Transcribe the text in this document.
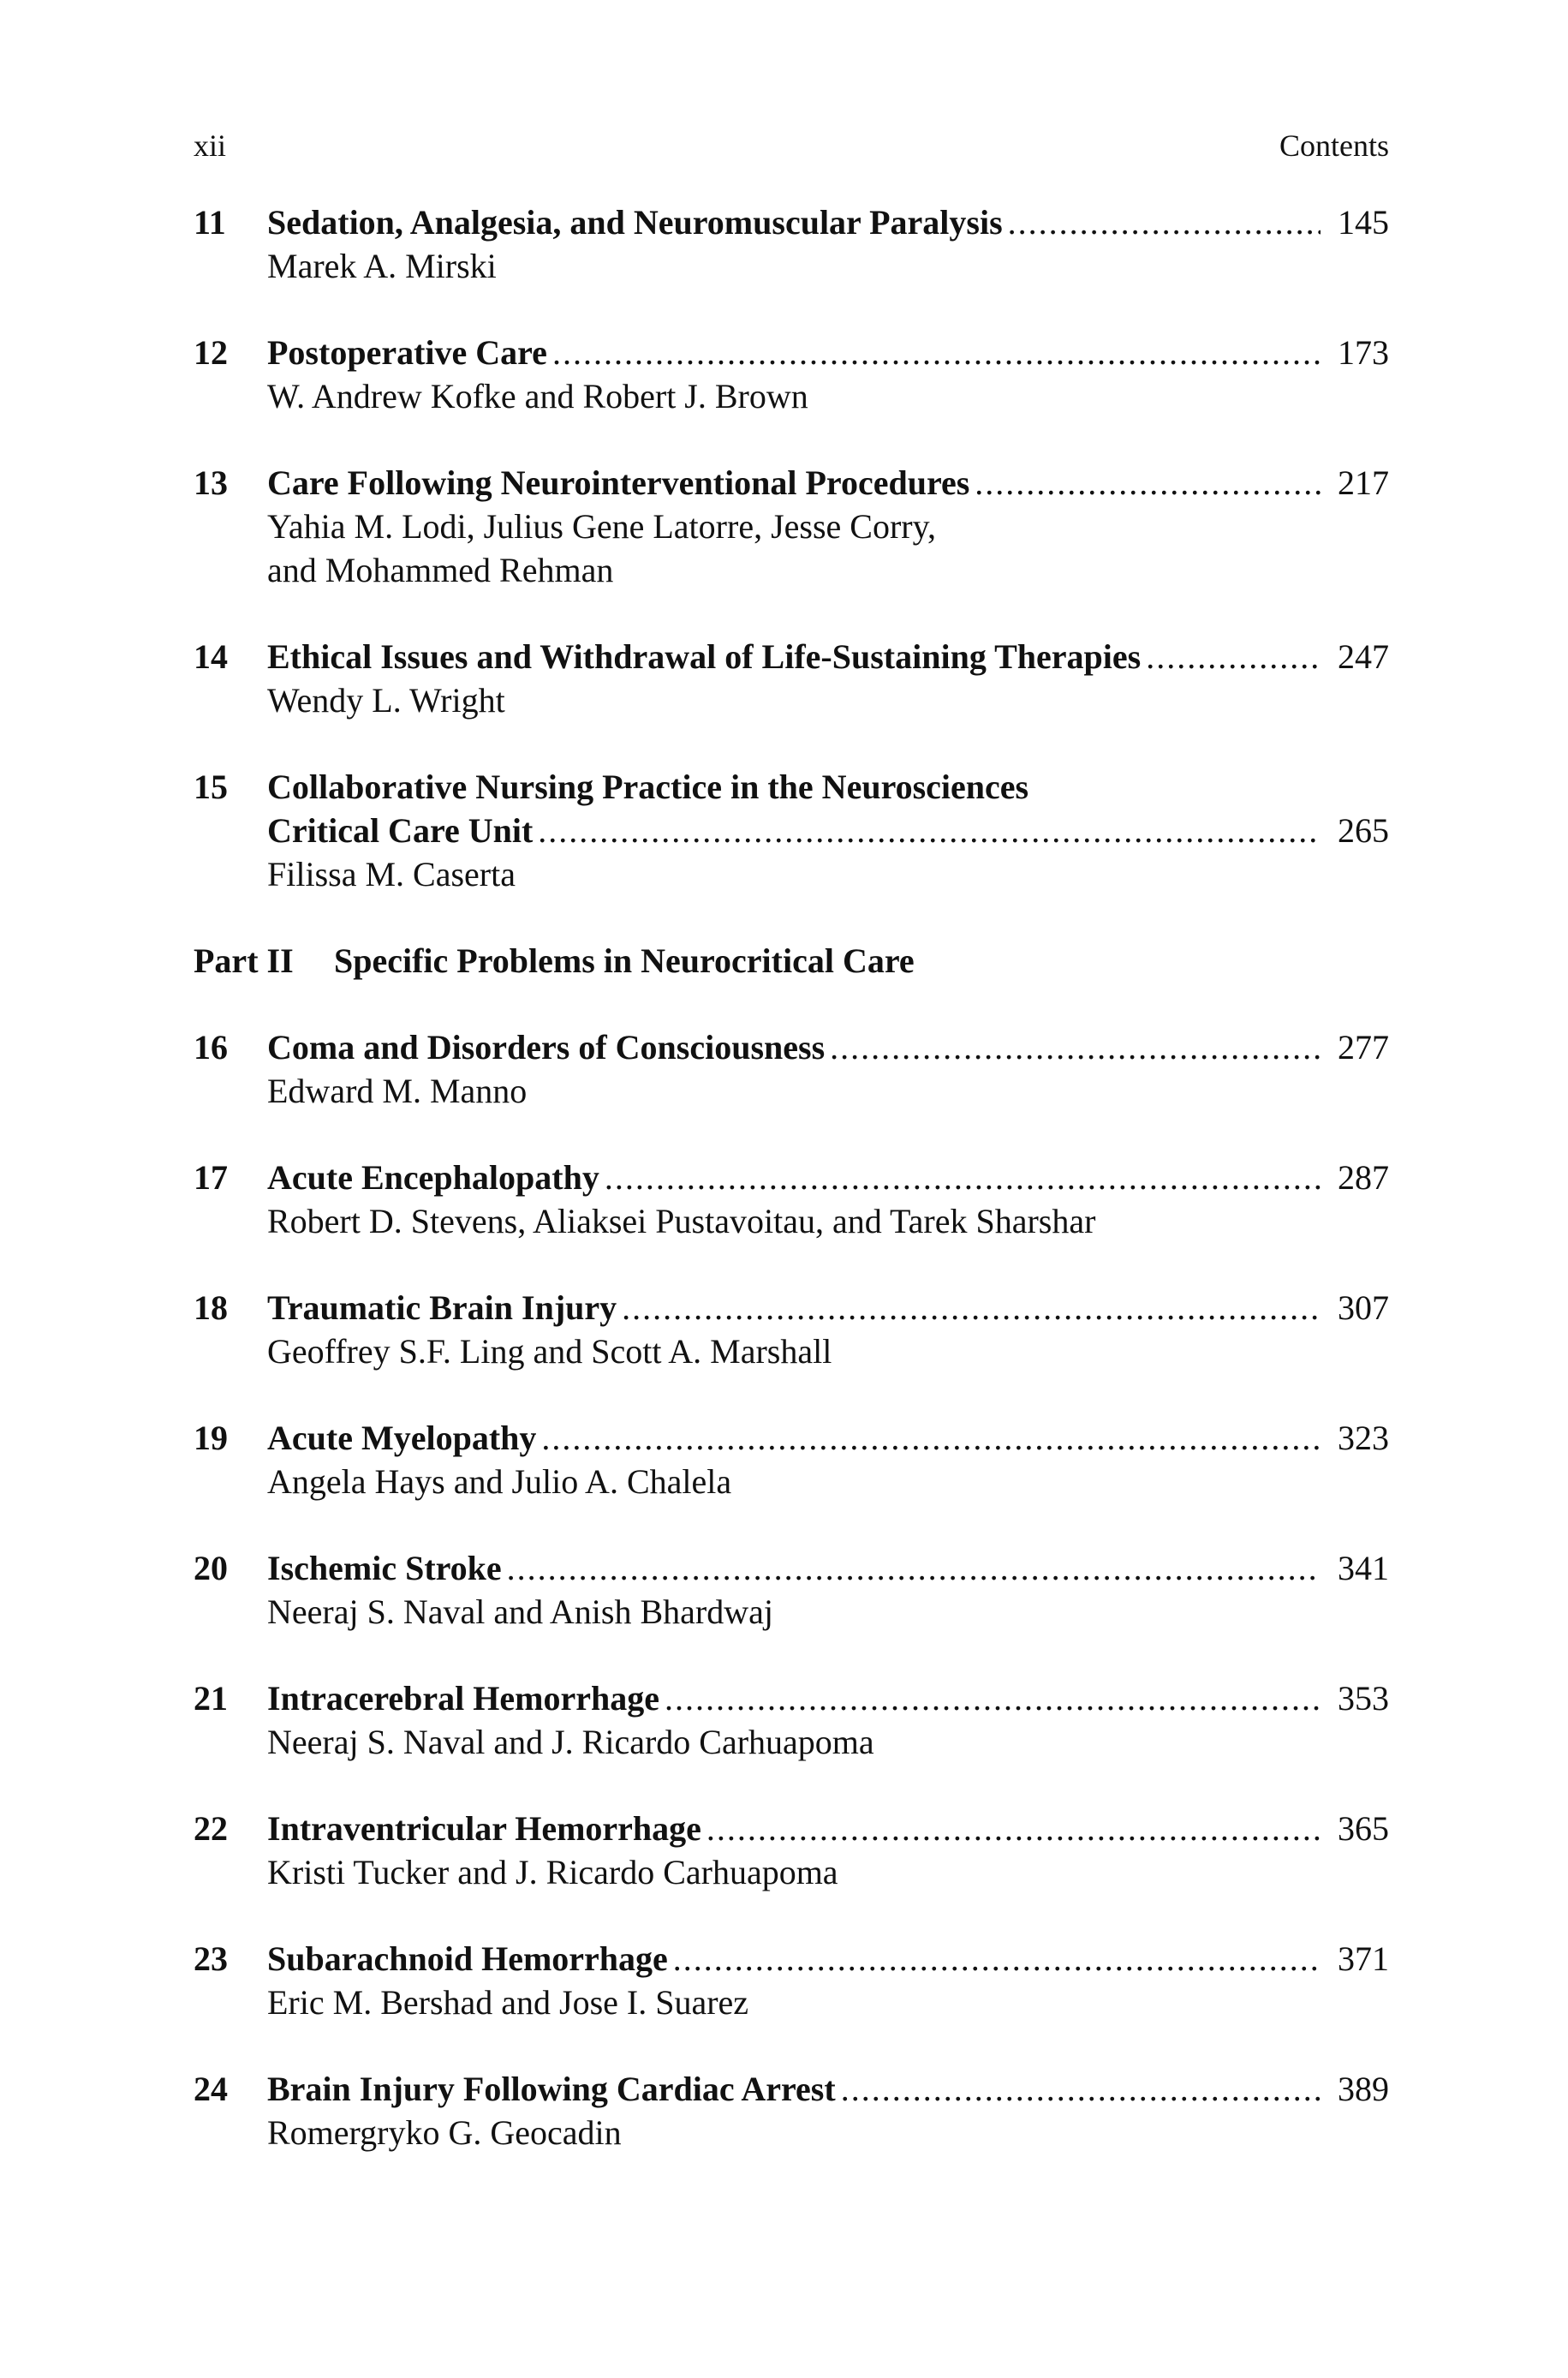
xii	Contents
11	Sedation, Analgesia, and Neuromuscular Paralysis . . .	145
Marek A. Mirski
12	Postoperative Care . . .	173
W. Andrew Kofke and Robert J. Brown
13	Care Following Neurointerventional Procedures . . .	217
Yahia M. Lodi, Julius Gene Latorre, Jesse Corry,
and Mohammed Rehman
14	Ethical Issues and Withdrawal of Life-Sustaining Therapies . . .	247
Wendy L. Wright
15	Collaborative Nursing Practice in the Neurosciences
Critical Care Unit . . .	265
Filissa M. Caserta
Part II Specific Problems in Neurocritical Care
16	Coma and Disorders of Consciousness . . .	277
Edward M. Manno
17	Acute Encephalopathy . . .	287
Robert D. Stevens, Aliaksei Pustavoitau, and Tarek Sharshar
18	Traumatic Brain Injury . . .	307
Geoffrey S.F. Ling and Scott A. Marshall
19	Acute Myelopathy . . .	323
Angela Hays and Julio A. Chalela
20	Ischemic Stroke . . .	341
Neeraj S. Naval and Anish Bhardwaj
21	Intracerebral Hemorrhage . . .	353
Neeraj S. Naval and J. Ricardo Carhuapoma
22	Intraventricular Hemorrhage . . .	365
Kristi Tucker and J. Ricardo Carhuapoma
23	Subarachnoid Hemorrhage . . .	371
Eric M. Bershad and Jose I. Suarez
24	Brain Injury Following Cardiac Arrest . . .	389
Romergryko G. Geocadin
